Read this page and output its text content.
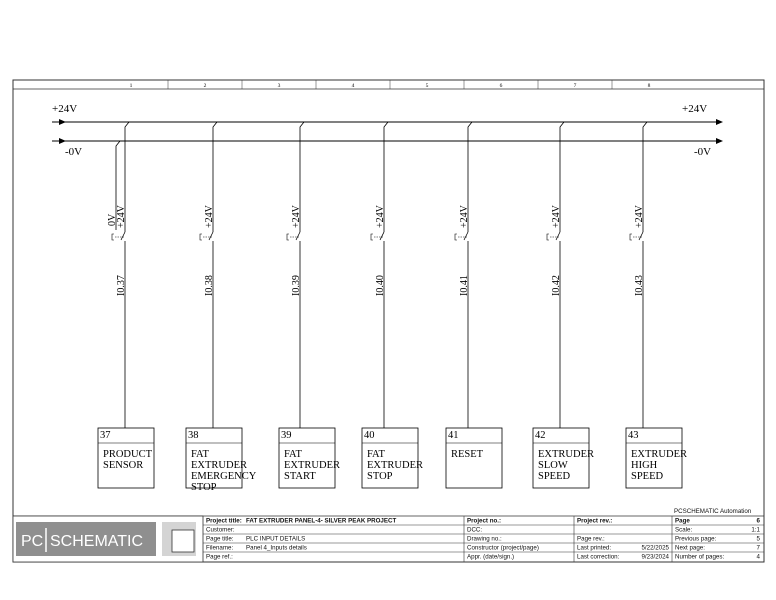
1	2	3	4	5	6	7	8
+24V	+24V
-0V	-0V
0V
+24V
I0.37
37
PRODUCT
SENSOR
+24V
I0.38
38
FAT
EXTRUDER
EMERGENCY
STOP
+24V
I0.39
39
FAT
EXTRUDER
START
+24V
I0.40
40
FAT
EXTRUDER
STOP
+24V
I0.41
41
RESET
+24V
I0.42
42
EXTRUDER
SLOW
SPEED
+24V
I0.43
43
EXTRUDER
HIGH
SPEED
PCSCHEMATIC Automation
PC SCHEMATIC
Project title: FAT EXTRUDER PANEL-4- SILVER PEAK PROJECT
Customer:
Page title: PLC INPUT DETAILS
Filename: Panel 4_Inputs details
Page ref.:
Project no.:
DCC:
Drawing no.:
Constructor (project/page)
Appr. (date/sign.)
Project rev.:
Page rev.:
Last printed:	5/22/2025
Last correction:	9/23/2024
Page	6
Scale:	1:1
Previous page:	5
Next page:	7
Number of pages:	4
